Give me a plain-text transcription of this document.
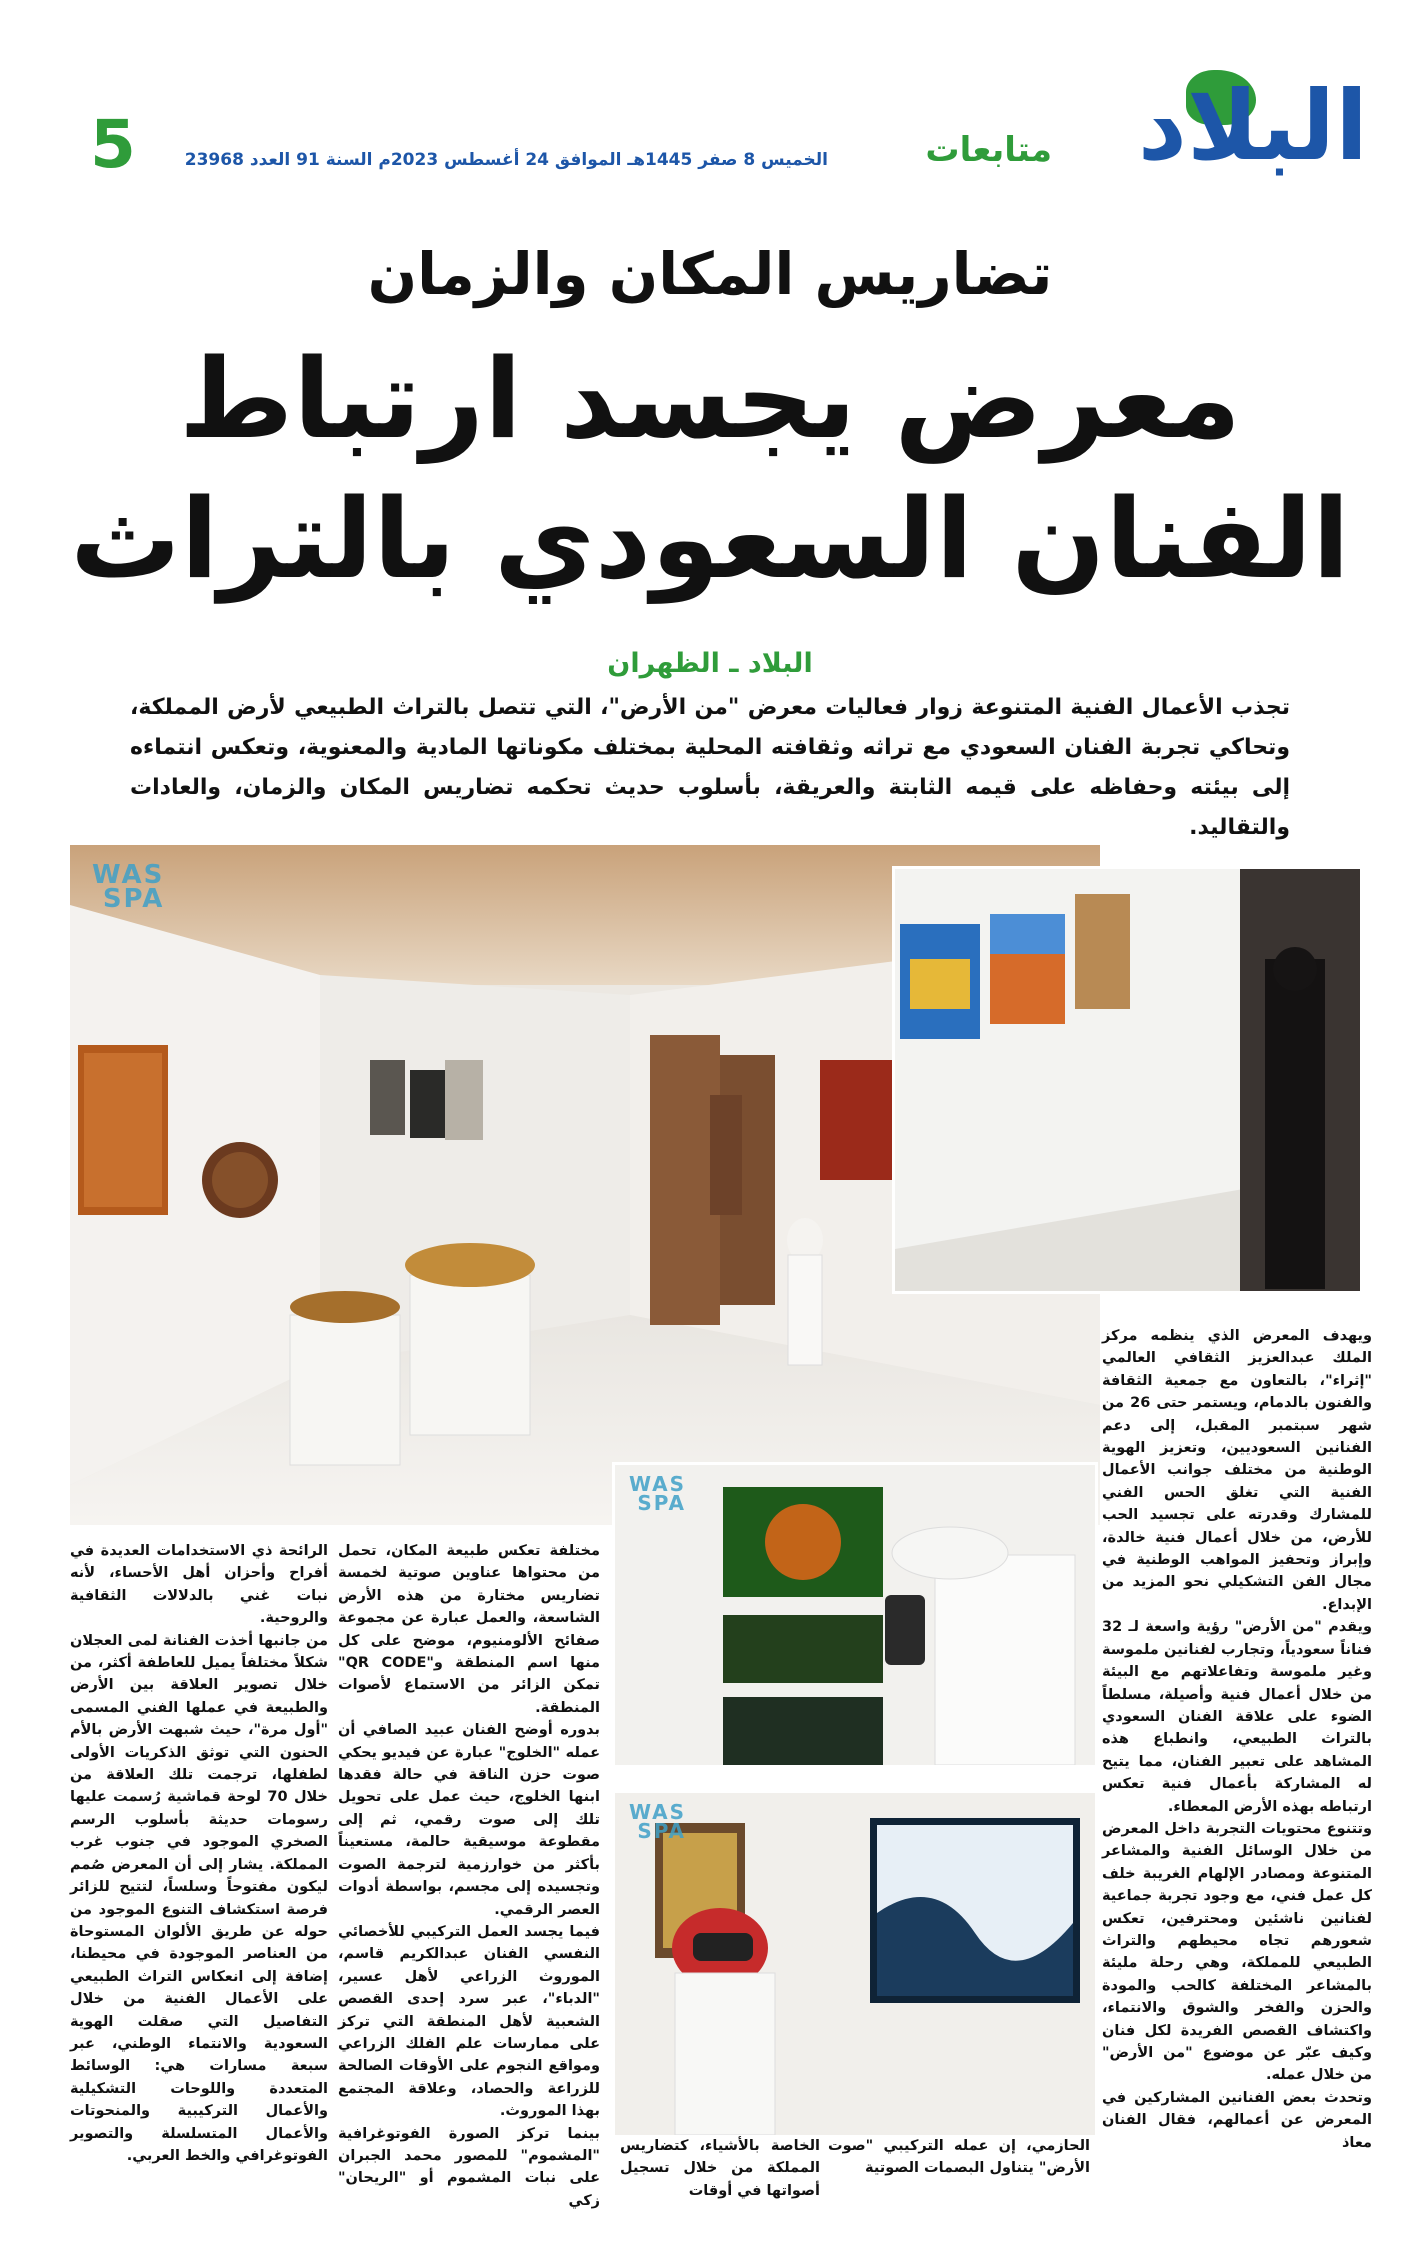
البلاد
متابعات
الخميس 8 صفر 1445هـ الموافق 24 أغسطس 2023م السنة 91 العدد 23968
5
تضاريس المكان والزمان
معرض يجسد ارتباط
الفنان السعودي بالتراث
البلاد ـ الظهران
تجذب الأعمال الفنية المتنوعة زوار فعاليات معرض "من الأرض"، التي تتصل بالتراث الطبيعي لأرض المملكة، وتحاكي تجربة الفنان السعودي مع تراثه وثقافته المحلية بمختلف مكوناتها المادية والمعنوية، وتعكس انتماءه إلى بيئته وحفاظه على قيمه الثابتة والعريقة، بأسلوب حديث تحكمه تضاريس المكان والزمان، والعادات والتقاليد.
WAS
SPA
WAS
SPA
WAS
SPA

ويهدف المعرض الذي ينظمه مركز الملك عبدالعزيز الثقافي العالمي "إثراء"، بالتعاون مع جمعية الثقافة والفنون بالدمام، ويستمر حتى 26 من شهر سبتمبر المقبل، إلى دعم الفنانين السعوديين، وتعزيز الهوية الوطنية من مختلف جوانب الأعمال الفنية التي تغلق الحس الفني للمشارك وقدرته على تجسيد الحب للأرض، من خلال أعمال فنية خالدة، وإبراز وتحفيز المواهب الوطنية في مجال الفن التشكيلي نحو المزيد من الإبداع.

ويقدم "من الأرض" رؤية واسعة لـ 32 فناناً سعودياً، وتجارب لفنانين ملموسة وغير ملموسة وتفاعلاتهم مع البيئة من خلال أعمال فنية وأصيلة، مسلطاً الضوء على علاقة الفنان السعودي بالتراث الطبيعي، وانطباع هذه المشاهد على تعبير الفنان، مما يتيح له المشاركة بأعمال فنية تعكس ارتباطه بهذه الأرض المعطاء.

وتتنوع محتويات التجربة داخل المعرض من خلال الوسائل الفنية والمشاعر المتنوعة ومصادر الإلهام الغريبة خلف كل عمل فني، مع وجود تجربة جماعية لفنانين ناشئين ومحترفين، تعكس شعورهم تجاه محيطهم والتراث الطبيعي للمملكة، وهي رحلة مليئة بالمشاعر المختلفة كالحب والمودة والحزن والفخر والشوق والانتماء، واكتشاف القصص الفريدة لكل فنان وكيف عبّر عن موضوع "من الأرض" من خلال عمله.

وتحدث بعض الفنانين المشاركين في المعرض عن أعمالهم، فقال الفنان معاذ

مختلفة تعكس طبيعة المكان، تحمل من محتواها عناوين صوتية لخمسة تضاريس مختارة من هذه الأرض الشاسعة، والعمل عبارة عن مجموعة صفائح الألومنيوم، موضح على كل منها اسم المنطقة و"QR CODE" تمكن الزائر من الاستماع لأصوات المنطقة.

بدوره أوضح الفنان عبيد الصافي أن عمله "الخلوج" عبارة عن فيديو يحكي صوت حزن الناقة في حالة فقدها ابنها الخلوج، حيث عمل على تحويل تلك إلى صوت رقمي، ثم إلى مقطوعة موسيقية حالمة، مستعيناً بأكثر من خوارزمية لترجمة الصوت وتجسيده إلى مجسم، بواسطة أدوات العصر الرقمي.

فيما يجسد العمل التركيبي للأخصائي النفسي الفنان عبدالكريم قاسم، الموروث الزراعي لأهل عسير، "الدباء"، عبر سرد إحدى القصص الشعبية لأهل المنطقة التي تركز على ممارسات علم الفلك الزراعي ومواقع النجوم على الأوقات الصالحة للزراعة والحصاد، وعلاقة المجتمع بهذا الموروث.

بينما تركز الصورة الفوتوغرافية "المشموم" للمصور محمد الجبران على نبات المشموم أو "الريحان" زكي

الرائحة ذي الاستخدامات العديدة في أفراح وأحزان أهل الأحساء، لأنه نبات غني بالدلالات الثقافية والروحية.

من جانبها أخذت الفنانة لمى العجلان شكلاً مختلفاً يميل للعاطفة أكثر، من خلال تصوير العلاقة بين الأرض والطبيعة في عملها الفني المسمى "أول مرة"، حيث شبهت الأرض بالأم الحنون التي توثق الذكريات الأولى لطفلها، ترجمت تلك العلاقة من خلال 70 لوحة قماشية رُسمت عليها رسومات حديثة بأسلوب الرسم الصخري الموجود في جنوب غرب المملكة. يشار إلى أن المعرض صُمم ليكون مفتوحاً وسلساً، لتتيح للزائر فرصة استكشاف التنوع الموجود من حوله عن طريق الألوان المستوحاة من العناصر الموجودة في محيطنا، إضافة إلى انعكاس التراث الطبيعي على الأعمال الفنية من خلال التفاصيل التي صقلت الهوية السعودية والانتماء الوطني، عبر سبعة مسارات هي: الوسائط المتعددة واللوحات التشكيلية والأعمال التركيبية والمنحوتات والأعمال المتسلسلة والتصوير الفوتوغرافي والخط العربي.

الحازمي، إن عمله التركيبي "صوت الأرض" يتناول البصمات الصوتية

الخاصة بالأشياء، كتضاريس المملكة من خلال تسجيل أصواتها في أوقات
